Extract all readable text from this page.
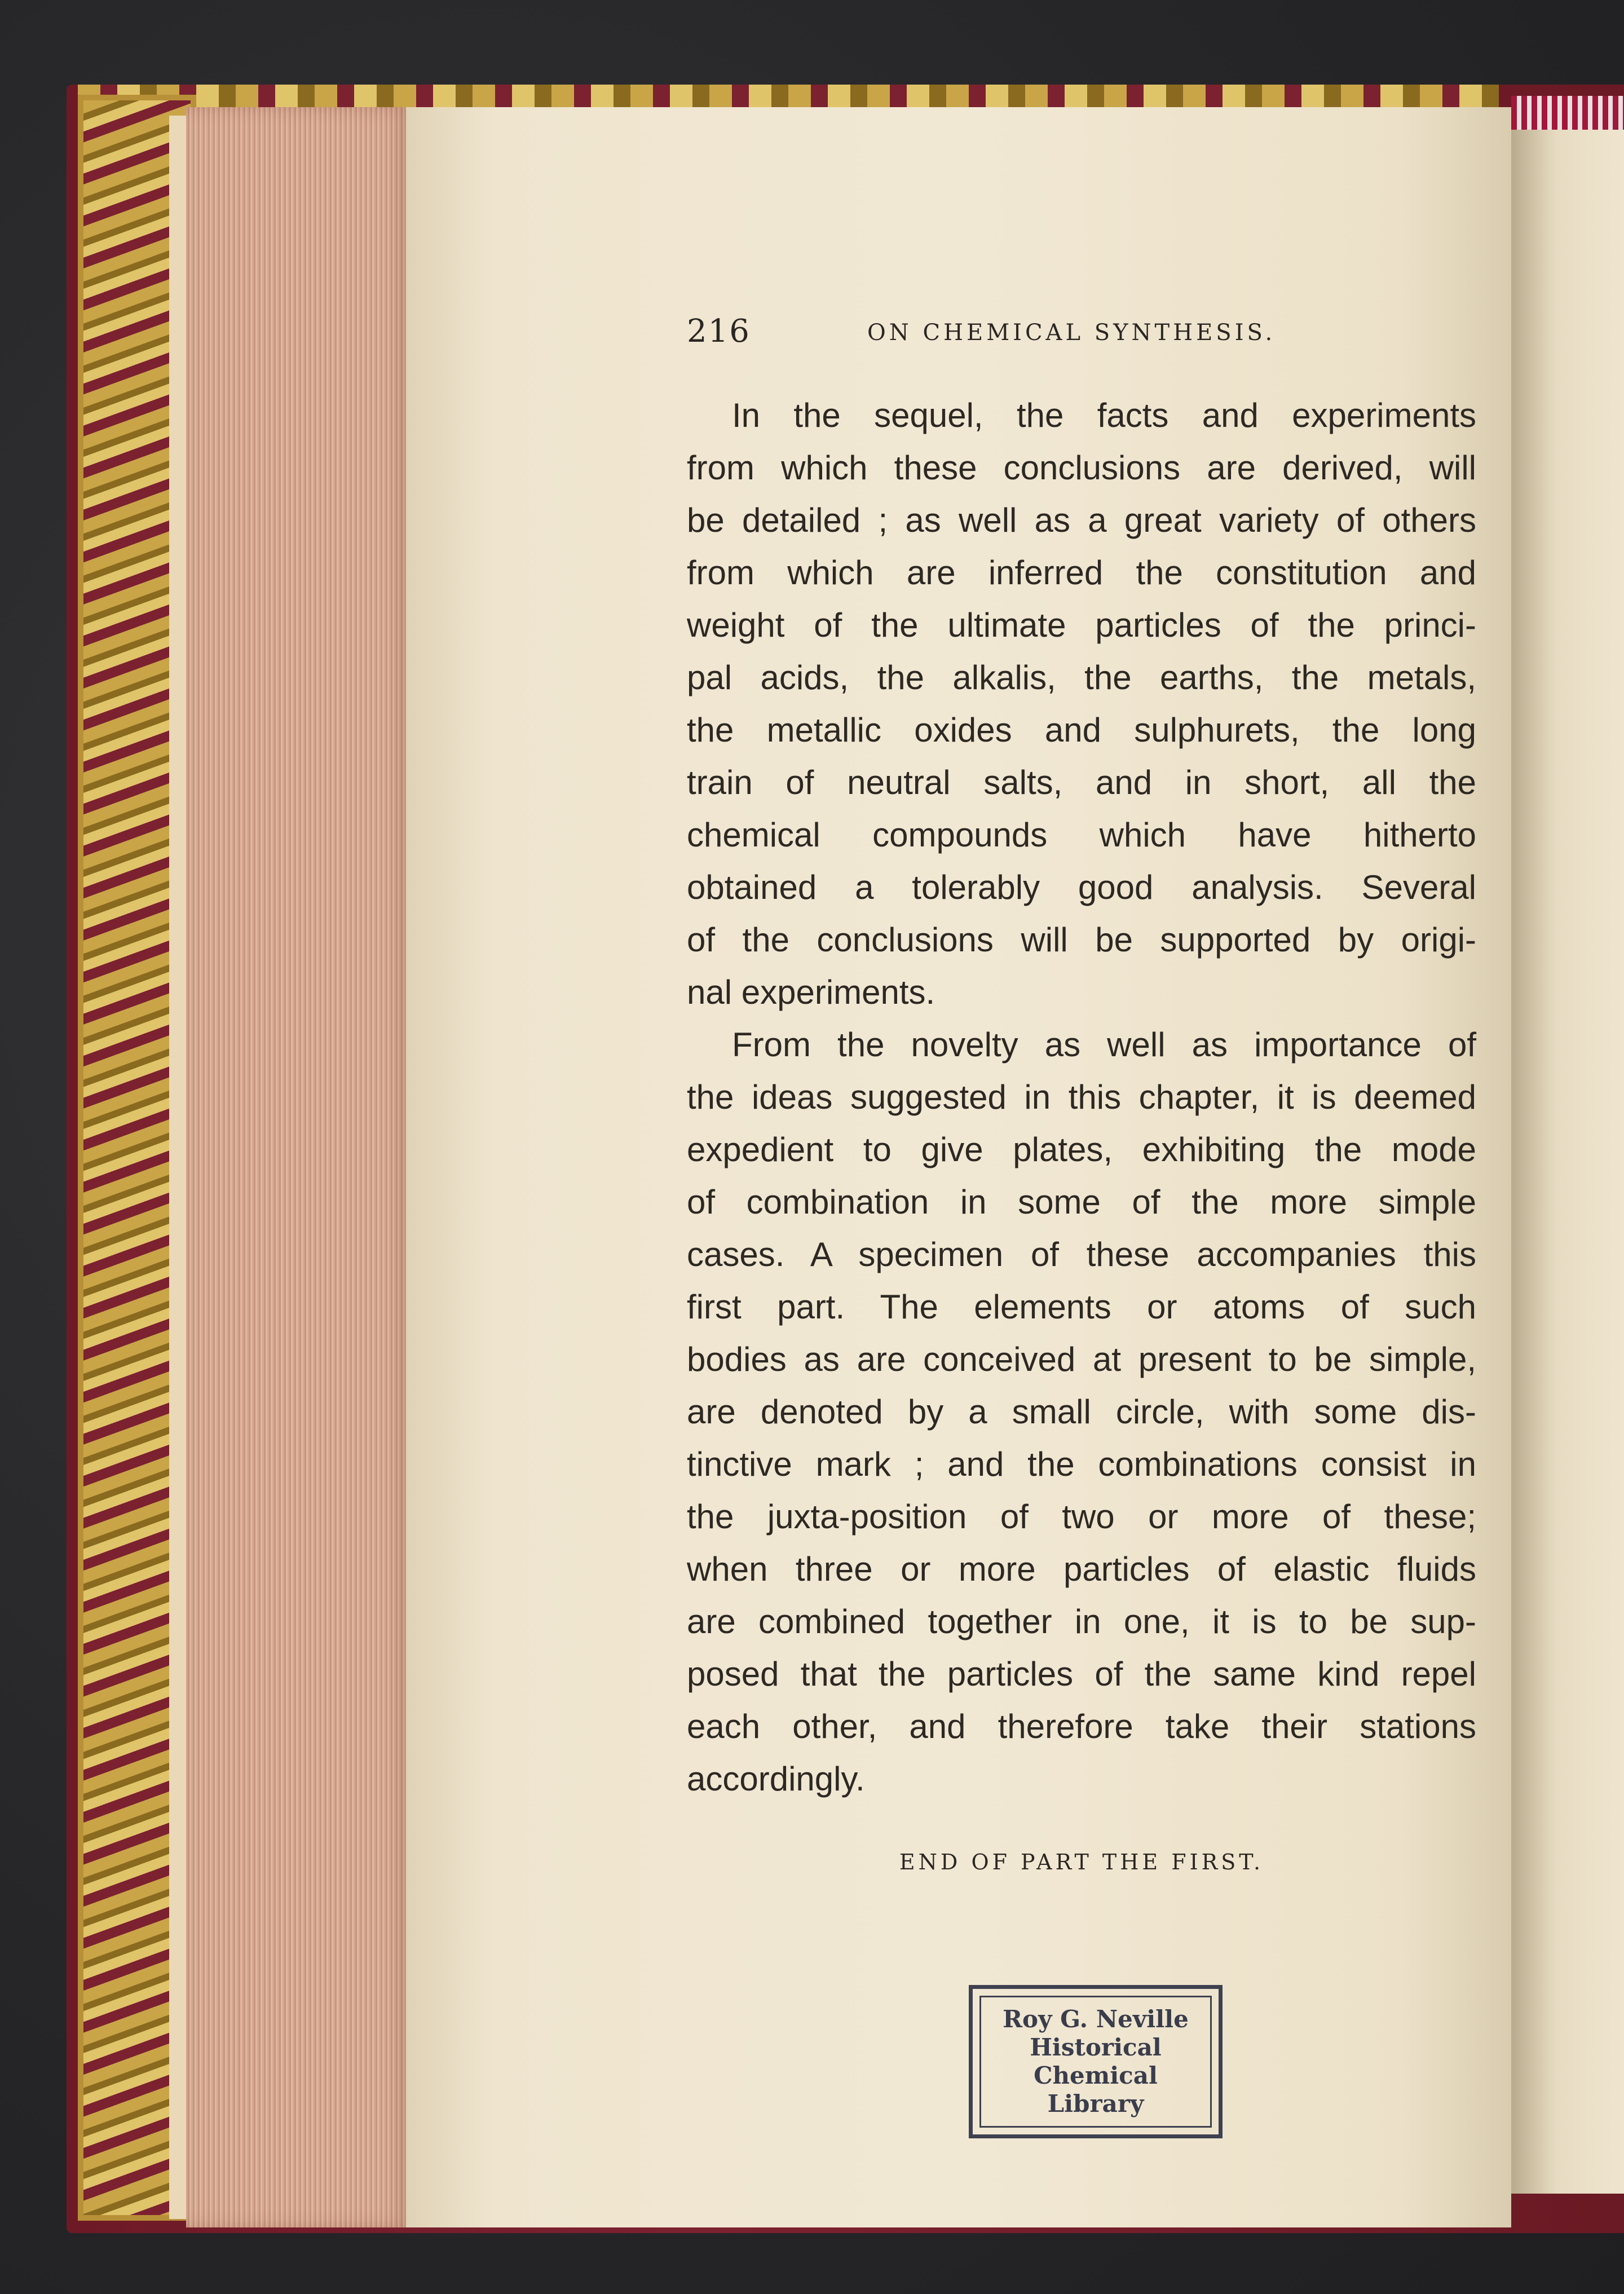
216	ON CHEMICAL SYNTHESIS.
In the sequel, the facts and experiments
from which these conclusions are derived, will
be detailed ; as well as a great variety of others
from which are inferred the constitution and
weight of the ultimate particles of the princi-
pal acids, the alkalis, the earths, the metals,
the metallic oxides and sulphurets, the long
train of neutral salts, and in short, all the
chemical compounds which have hitherto
obtained a tolerably good analysis. Several
of the conclusions will be supported by origi-
nal experiments.
From the novelty as well as importance of
the ideas suggested in this chapter, it is deemed
expedient to give plates, exhibiting the mode
of combination in some of the more simple
cases. A specimen of these accompanies this
first part. The elements or atoms of such
bodies as are conceived at present to be simple,
are denoted by a small circle, with some dis-
tinctive mark ; and the combinations consist in
the juxta-position of two or more of these;
when three or more particles of elastic fluids
are combined together in one, it is to be sup-
posed that the particles of the same kind repel
each other, and therefore take their stations
accordingly.
END OF PART THE FIRST.
Roy G. Neville
Historical
Chemical
Library
